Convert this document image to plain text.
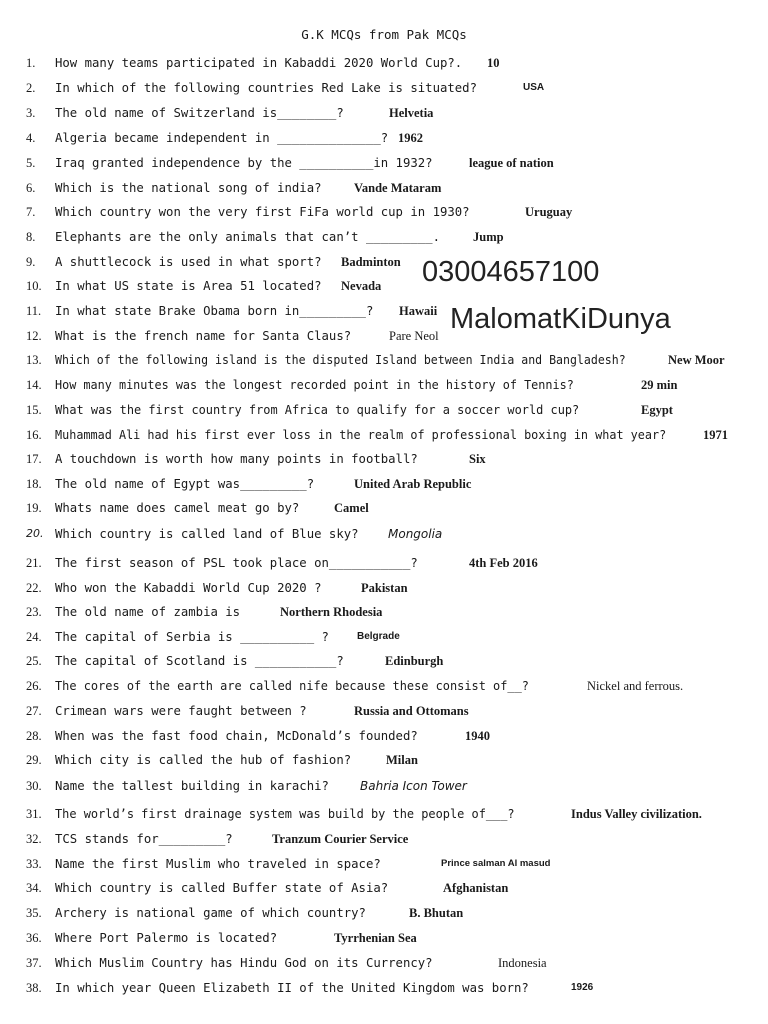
G.K MCQs from Pak MCQs
1.	How many teams participated in Kabaddi 2020 World Cup?. 10
2.	In which of the following countries Red Lake is situated?	USA
3.	The old name of Switzerland is________?	Helvetia
4.	Algeria became independent in ______________? 1962
5.	Iraq granted independence by the __________in 1932?	league of nation
6.	Which is the national song of india?	Vande Mataram
7.	Which country won the very first FiFa world cup in 1930?	Uruguay
8.	Elephants are the only animals that can’t _________.	Jump
9.	A shuttlecock is used in what sport? Badminton
10.	In what US state is Area 51 located? Nevada
11.	In what state Brake Obama born in_________? Hawaii
12.	What is the french name for Santa Claus?	Pare Neol
13.	Which of the following island is the disputed Island between India and Bangladesh?	New Moor
14.	How many minutes was the longest recorded point in the history of Tennis?	29 min
15.	What was the first country from Africa to qualify for a soccer world cup?	Egypt
16.	Muhammad Ali had his first ever loss in the realm of professional boxing in what year?	1971
17.	A touchdown is worth how many points in football?	Six
18.	The old name of Egypt was_________?	United Arab Republic
19.	Whats name does camel meat go by?	Camel
20. Which country is called land of Blue sky? Mongolia
21.	The first season of PSL took place on___________?	4th Feb 2016
22.	Who won the Kabaddi World Cup 2020 ?	Pakistan
23.	The old name of zambia is	Northern Rhodesia
24.	The capital of Serbia is __________ ?	Belgrade
25.	The capital of Scotland is ___________?	Edinburgh
26.	The cores of the earth are called nife because these consist of__?	Nickel and ferrous.
27.	Crimean wars were faught between ?	Russia and Ottomans
28.	When was the fast food chain, McDonald’s founded?	1940
29.	Which city is called the hub of fashion?	Milan
30.	Name the tallest building in karachi?	Bahria Icon Tower
31.	The world’s first drainage system was build by the people of___?	Indus Valley civilization.
32.	TCS stands for_________?	Tranzum Courier Service
33.	Name the first Muslim who traveled in space?	Prince salman Al masud
34.	Which country is called Buffer state of Asia?	Afghanistan
35.	Archery is national game of which country?	B. Bhutan
36.	Where Port Palermo is located?	Tyrrhenian Sea
37.	Which Muslim Country has Hindu God on its Currency?	Indonesia
38.	In which year Queen Elizabeth II of the United Kingdom was born?	1926
03004657100
MalomatKiDunya
